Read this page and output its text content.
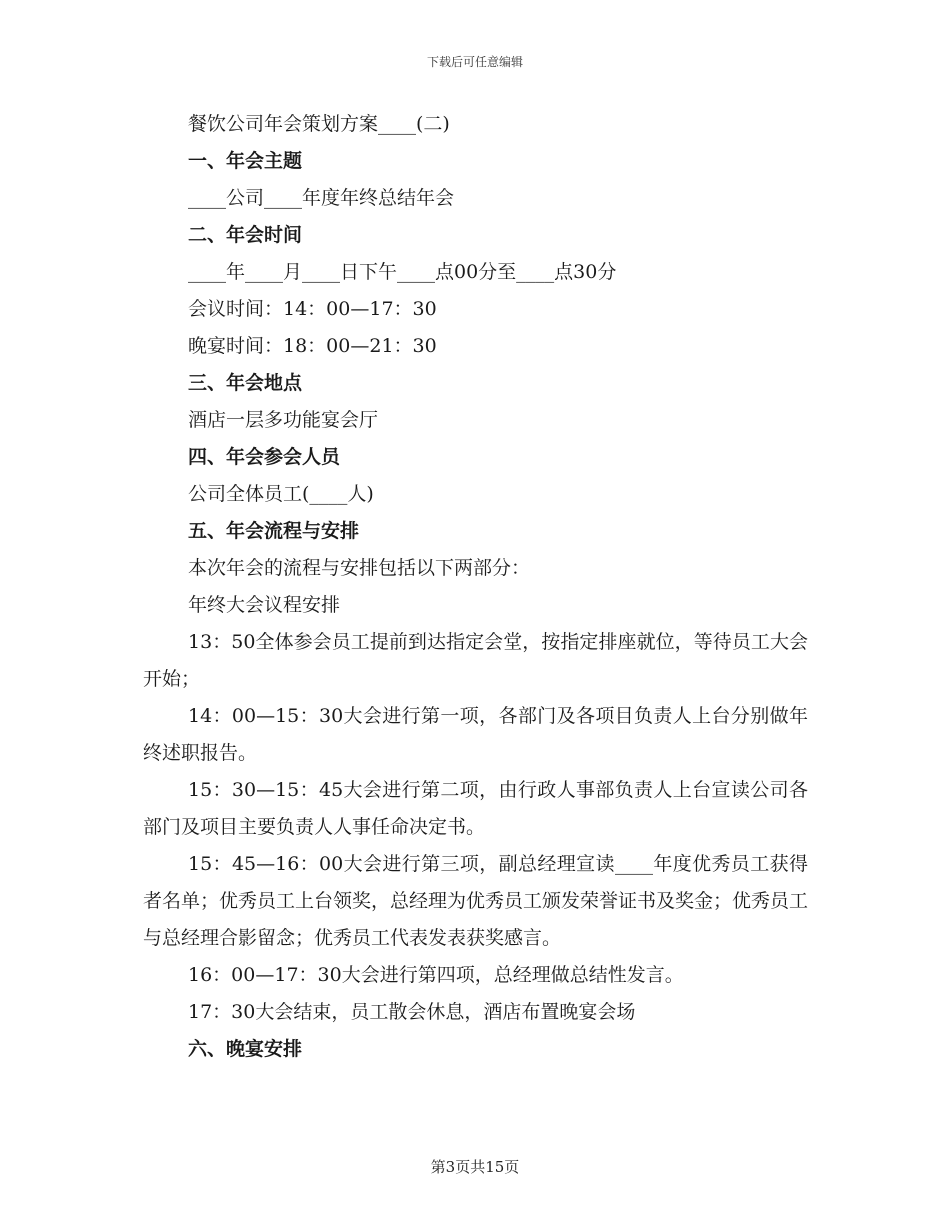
下载后可任意编辑
餐饮公司年会策划方案____(二)
一、年会主题
____公司____年度年终总结年会
二、年会时间
____年____月____日下午____点00分至____点30分
会议时间：14：00—17：30
晚宴时间：18：00—21：30
三、年会地点
酒店一层多功能宴会厅
四、年会参会人员
公司全体员工(____人)
五、年会流程与安排
本次年会的流程与安排包括以下两部分：
年终大会议程安排
13：50全体参会员工提前到达指定会堂，按指定排座就位，等待员工大会开始；
14：00—15：30大会进行第一项，各部门及各项目负责人上台分别做年终述职报告。
15：30—15：45大会进行第二项，由行政人事部负责人上台宣读公司各部门及项目主要负责人人事任命决定书。
15：45—16：00大会进行第三项，副总经理宣读____年度优秀员工获得者名单；优秀员工上台领奖，总经理为优秀员工颁发荣誉证书及奖金；优秀员工与总经理合影留念；优秀员工代表发表获奖感言。
16：00—17：30大会进行第四项，总经理做总结性发言。
17：30大会结束，员工散会休息，酒店布置晚宴会场
六、晚宴安排
第3页共15页
